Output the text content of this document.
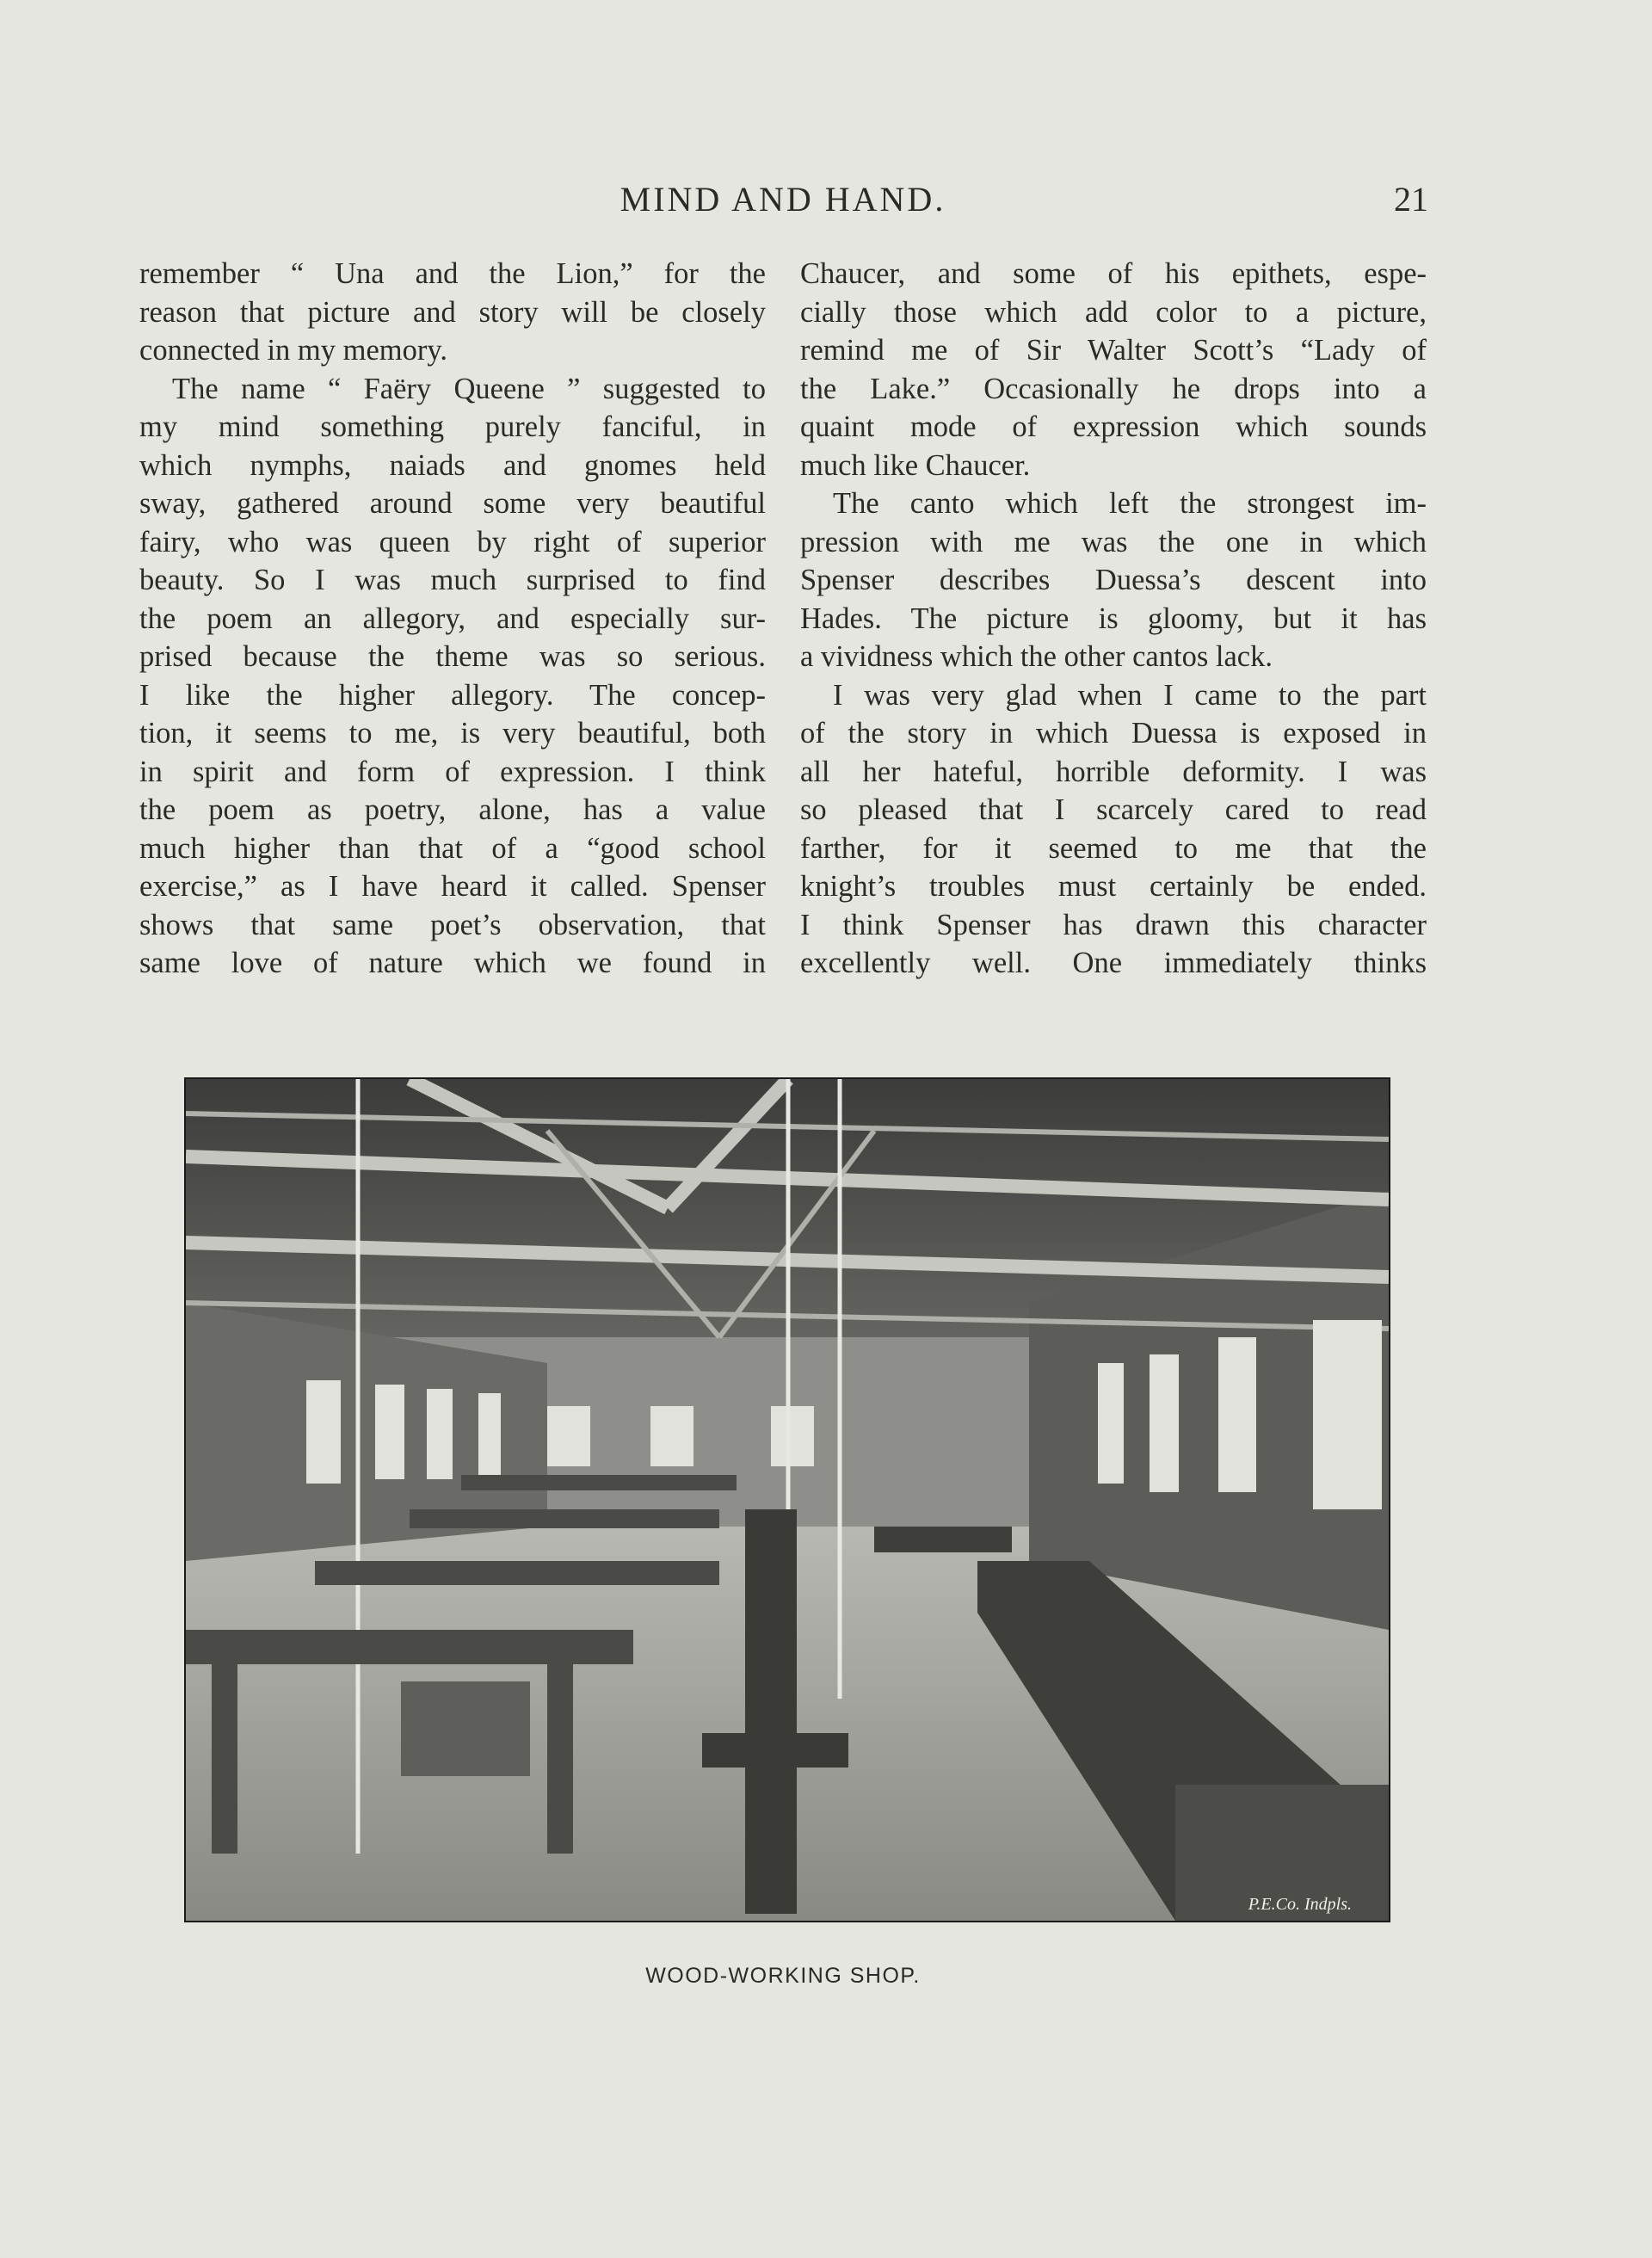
MIND AND HAND.	21
remember “ Una and the Lion,” for the
reason that picture and story will be closely
connected in my memory.
The name “ Faëry Queene ” suggested to
my mind something purely fanciful, in
which nymphs, naiads and gnomes held
sway, gathered around some very beautiful
fairy, who was queen by right of superior
beauty. So I was much surprised to find
the poem an allegory, and especially sur-
prised because the theme was so serious.
I like the higher allegory. The concep-
tion, it seems to me, is very beautiful, both
in spirit and form of expression. I think
the poem as poetry, alone, has a value
much higher than that of a “good school
exercise,” as I have heard it called. Spenser
shows that same poet’s observation, that
same love of nature which we found in
Chaucer, and some of his epithets, espe-
cially those which add color to a picture,
remind me of Sir Walter Scott’s “Lady of
the Lake.” Occasionally he drops into a
quaint mode of expression which sounds
much like Chaucer.
The canto which left the strongest im-
pression with me was the one in which
Spenser describes Duessa’s descent into
Hades. The picture is gloomy, but it has
a vividness which the other cantos lack.
I was very glad when I came to the part
of the story in which Duessa is exposed in
all her hateful, horrible deformity. I was
so pleased that I scarcely cared to read
farther, for it seemed to me that the
knight’s troubles must certainly be ended.
I think Spenser has drawn this character
excellently well. One immediately thinks
P.E.Co. Indpls.
WOOD-WORKING SHOP.
